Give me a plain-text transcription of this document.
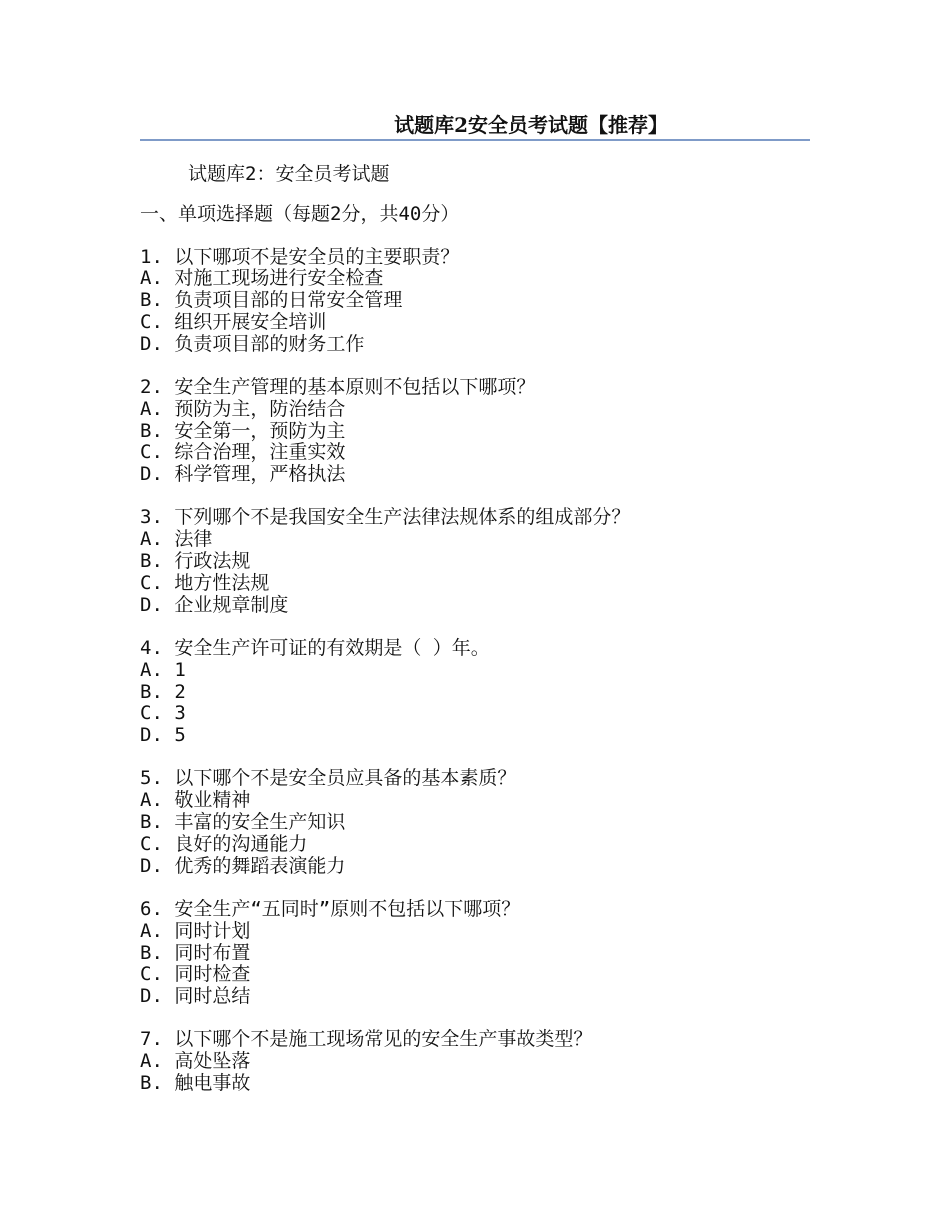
试题库2安全员考试题【推荐】
试题库2：安全员考试题
一、单项选择题（每题2分，共40分）
1. 以下哪项不是安全员的主要职责？
A. 对施工现场进行安全检查
B. 负责项目部的日常安全管理
C. 组织开展安全培训
D. 负责项目部的财务工作
2. 安全生产管理的基本原则不包括以下哪项？
A. 预防为主，防治结合
B. 安全第一，预防为主
C. 综合治理，注重实效
D. 科学管理，严格执法
3. 下列哪个不是我国安全生产法律法规体系的组成部分？
A. 法律
B. 行政法规
C. 地方性法规
D. 企业规章制度
4. 安全生产许可证的有效期是（ ）年。
A. 1
B. 2
C. 3
D. 5
5. 以下哪个不是安全员应具备的基本素质？
A. 敬业精神
B. 丰富的安全生产知识
C. 良好的沟通能力
D. 优秀的舞蹈表演能力
6. 安全生产“五同时”原则不包括以下哪项？
A. 同时计划
B. 同时布置
C. 同时检查
D. 同时总结
7. 以下哪个不是施工现场常见的安全生产事故类型？
A. 高处坠落
B. 触电事故
